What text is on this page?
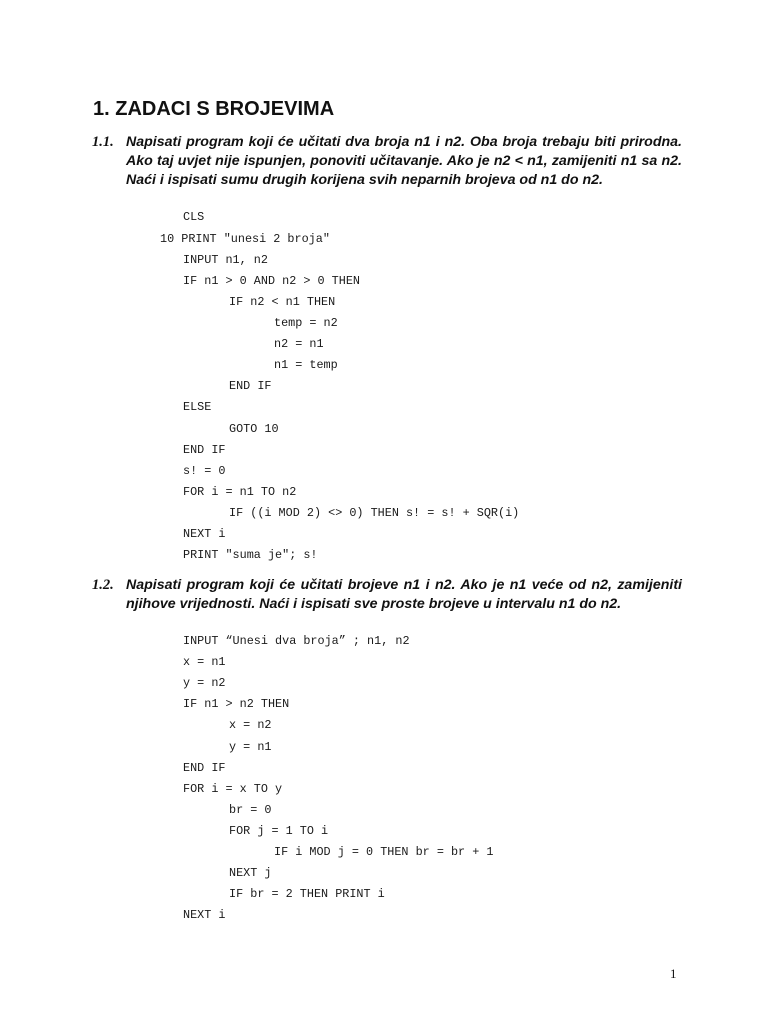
1. ZADACI S BROJEVIMA
1.1. Napisati program koji će učitati dva broja n1 i n2. Oba broja trebaju biti prirodna. Ako taj uvjet nije ispunjen, ponoviti učitavanje. Ako je n2 < n1, zamijeniti n1 sa n2. Naći i ispisati sumu drugih korijena svih neparnih brojeva od n1 do n2.
CLS
10 PRINT "unesi 2 broja"
INPUT n1, n2
IF n1 > 0 AND n2 > 0 THEN
IF n2 < n1 THEN
temp = n2
n2 = n1
n1 = temp
END IF
ELSE
GOTO 10
END IF
s! = 0
FOR i = n1 TO n2
IF ((i MOD 2) <> 0) THEN s! = s! + SQR(i)
NEXT i
PRINT "suma je"; s!
1.2. Napisati program koji će učitati brojeve n1 i n2. Ako je n1 veće od n2, zamijeniti njihove vrijednosti. Naći i ispisati sve proste brojeve u intervalu n1 do n2.
INPUT “Unesi dva broja” ; n1, n2
x = n1
y = n2
IF n1 > n2 THEN
x = n2
y = n1
END IF
FOR i = x TO y
br = 0
FOR j = 1 TO i
IF i MOD j = 0 THEN br = br + 1
NEXT j
IF br = 2 THEN PRINT i
NEXT i
1
